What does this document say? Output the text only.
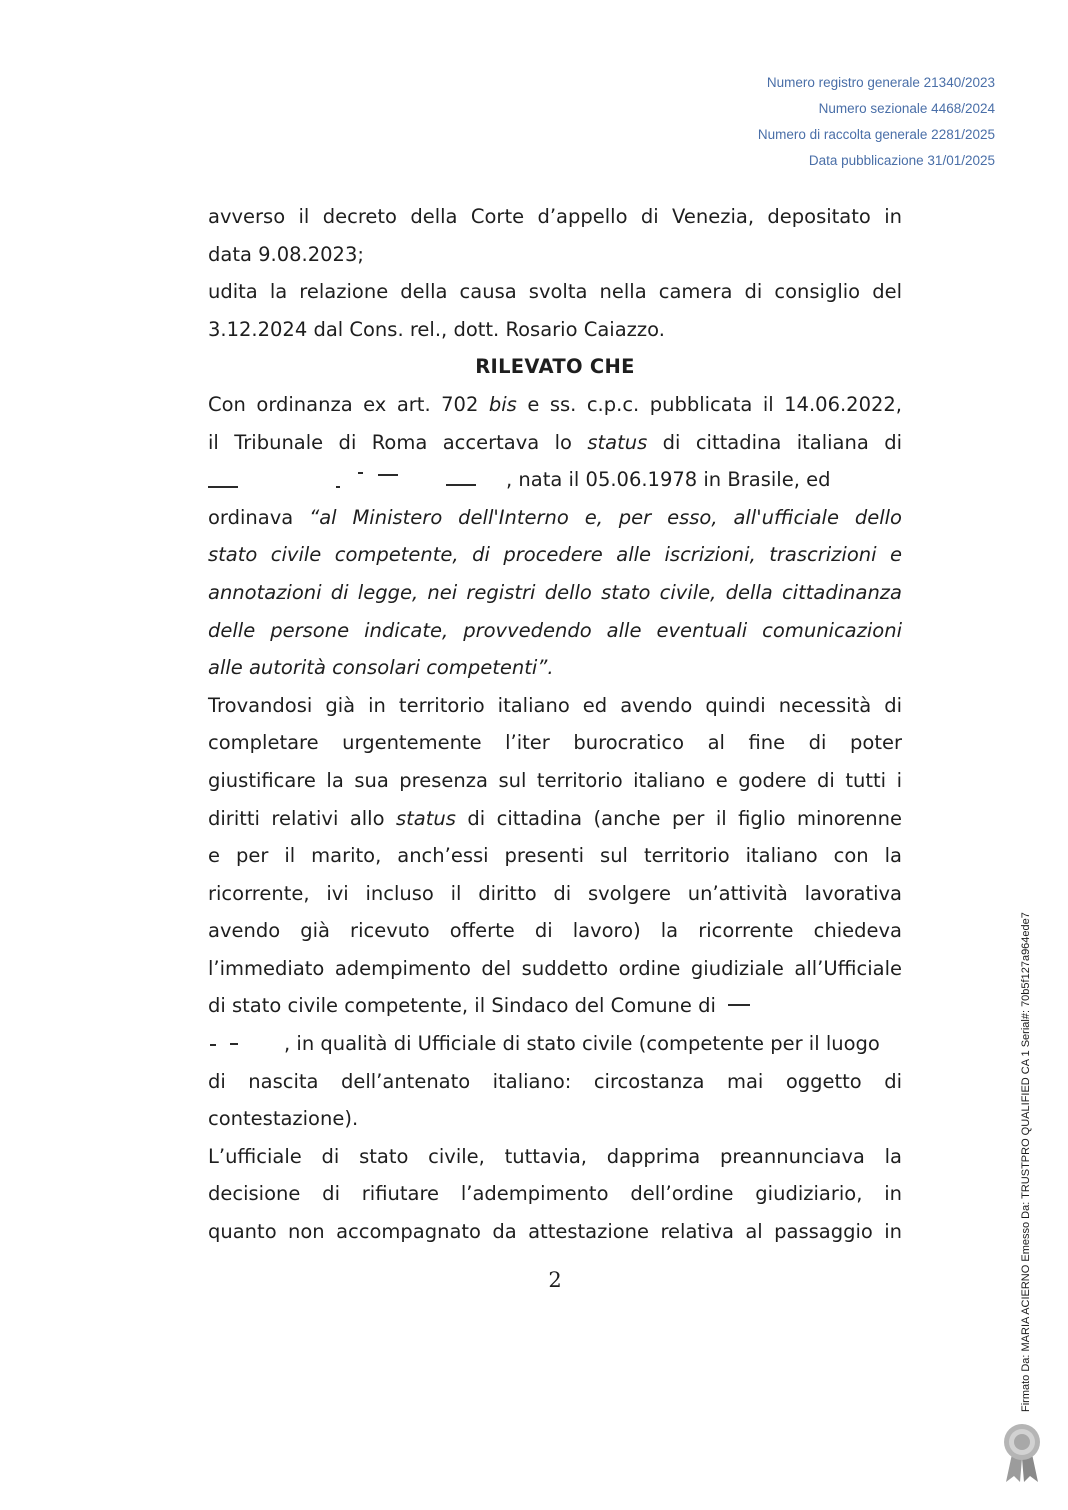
Numero registro generale 21340/2023
Numero sezionale 4468/2024
Numero di raccolta generale 2281/2025
Data pubblicazione 31/01/2025
avverso il decreto della Corte d’appello di Venezia, depositato in
data 9.08.2023;
udita la relazione della causa svolta nella camera di consiglio del
3.12.2024 dal Cons. rel., dott. Rosario Caiazzo.
RILEVATO CHE
Con ordinanza ex art. 702 bis e ss. c.p.c. pubblicata il 14.06.2022,
il Tribunale di Roma accertava lo status di cittadina italiana di
, nata il 05.06.1978 in Brasile, ed
ordinava “al Ministero dell'Interno e, per esso, all'ufficiale dello
stato civile competente, di procedere alle iscrizioni, trascrizioni e
annotazioni di legge, nei registri dello stato civile, della cittadinanza
delle persone indicate, provvedendo alle eventuali comunicazioni
alle autorità consolari competenti”.
Trovandosi già in territorio italiano ed avendo quindi necessità di
completare urgentemente l’iter burocratico al fine di poter
giustificare la sua presenza sul territorio italiano e godere di tutti i
diritti relativi allo status di cittadina (anche per il figlio minorenne
e per il marito, anch’essi presenti sul territorio italiano con la
ricorrente, ivi incluso il diritto di svolgere un’attività lavorativa
avendo già ricevuto offerte di lavoro) la ricorrente chiedeva
l’immediato adempimento del suddetto ordine giudiziale all’Ufficiale
di stato civile competente, il Sindaco del Comune di
, in qualità di Ufficiale di stato civile (competente per il luogo
di nascita dell’antenato italiano: circostanza mai oggetto di
contestazione).
L’ufficiale di stato civile, tuttavia, dapprima preannunciava la
decisione di rifiutare l’adempimento dell’ordine giudiziario, in
quanto non accompagnato da attestazione relativa al passaggio in
2	Firmato Da: MARIA ACIERNO Emesso Da: TRUSTPRO QUALIFIED CA 1 Serial#: 70b5f127a964ede7
